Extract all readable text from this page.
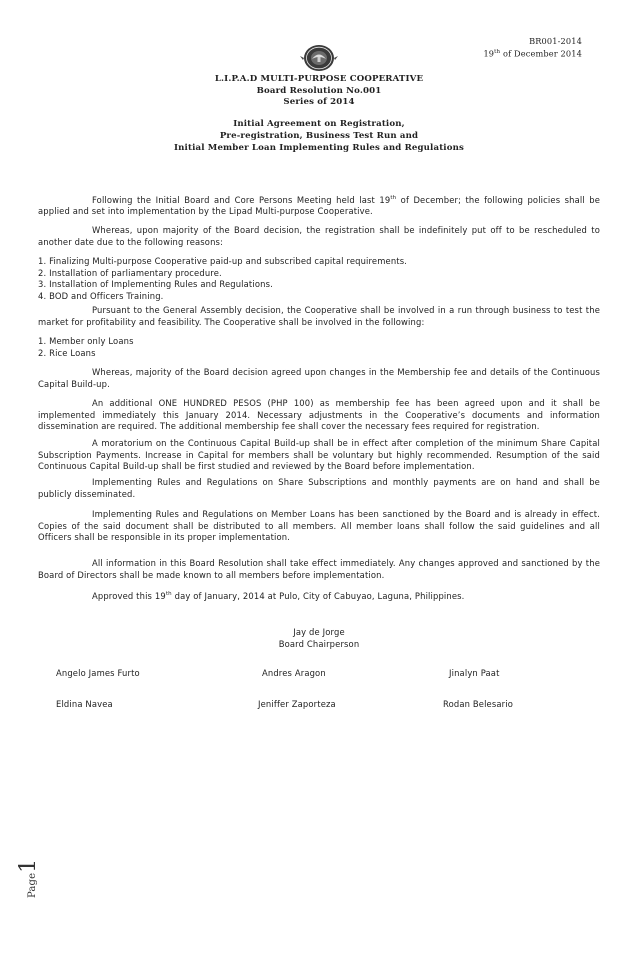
BR001-2014
19th of December 2014
L.I.P.A.D MULTI-PURPOSE COOPERATIVE
Board Resolution No.001
Series of 2014
Initial Agreement on Registration,
Pre-registration, Business Test Run and
Initial Member Loan Implementing Rules and Regulations

Following the Initial Board and Core Persons Meeting held last 19th of December; the following policies shall be applied and set into implementation by the Lipad Multi-purpose Cooperative.

Whereas, upon majority of the Board decision, the registration shall be indefinitely put off to be rescheduled to another date due to the following reasons:

1. Finalizing Multi-purpose Cooperative paid-up and subscribed capital requirements.
2. Installation of parliamentary procedure.
3. Installation of Implementing Rules and Regulations.
4. BOD and Officers Training.

Pursuant to the General Assembly decision, the Cooperative shall be involved in a run through business to test the market for profitability and feasibility. The Cooperative shall be involved in the following:

1. Member only Loans
2. Rice Loans

Whereas, majority of the Board decision agreed upon changes in the Membership fee and details of the Continuous Capital Build-up.

An additional ONE HUNDRED PESOS (PHP 100) as membership fee has been agreed upon and it shall be implemented immediately this January 2014. Necessary adjustments in the Cooperative’s documents and information dissemination are required. The additional membership fee shall cover the necessary fees required for registration.

A moratorium on the Continuous Capital Build-up shall be in effect after completion of the minimum Share Capital Subscription Payments. Increase in Capital for members shall be voluntary but highly recommended. Resumption of the said Continuous Capital Build-up shall be first studied and reviewed by the Board before implementation.

Implementing Rules and Regulations on Share Subscriptions and monthly payments are on hand and shall be publicly disseminated.

Implementing Rules and Regulations on Member Loans has been sanctioned by the Board and is already in effect. Copies of the said document shall be distributed to all members. All member loans shall follow the said guidelines and all Officers shall be responsible in its proper implementation.

All information in this Board Resolution shall take effect immediately. Any changes approved and sanctioned by the Board of Directors shall be made known to all members before implementation.

Approved this 19th day of January, 2014 at Pulo, City of Cabuyao, Laguna, Philippines.

Jay de Jorge
Board Chairperson
Angelo James Furto	Andres Aragon	Jinalyn Paat
Eldina Navea	Jeniffer Zaporteza	Rodan Belesario
Page1
